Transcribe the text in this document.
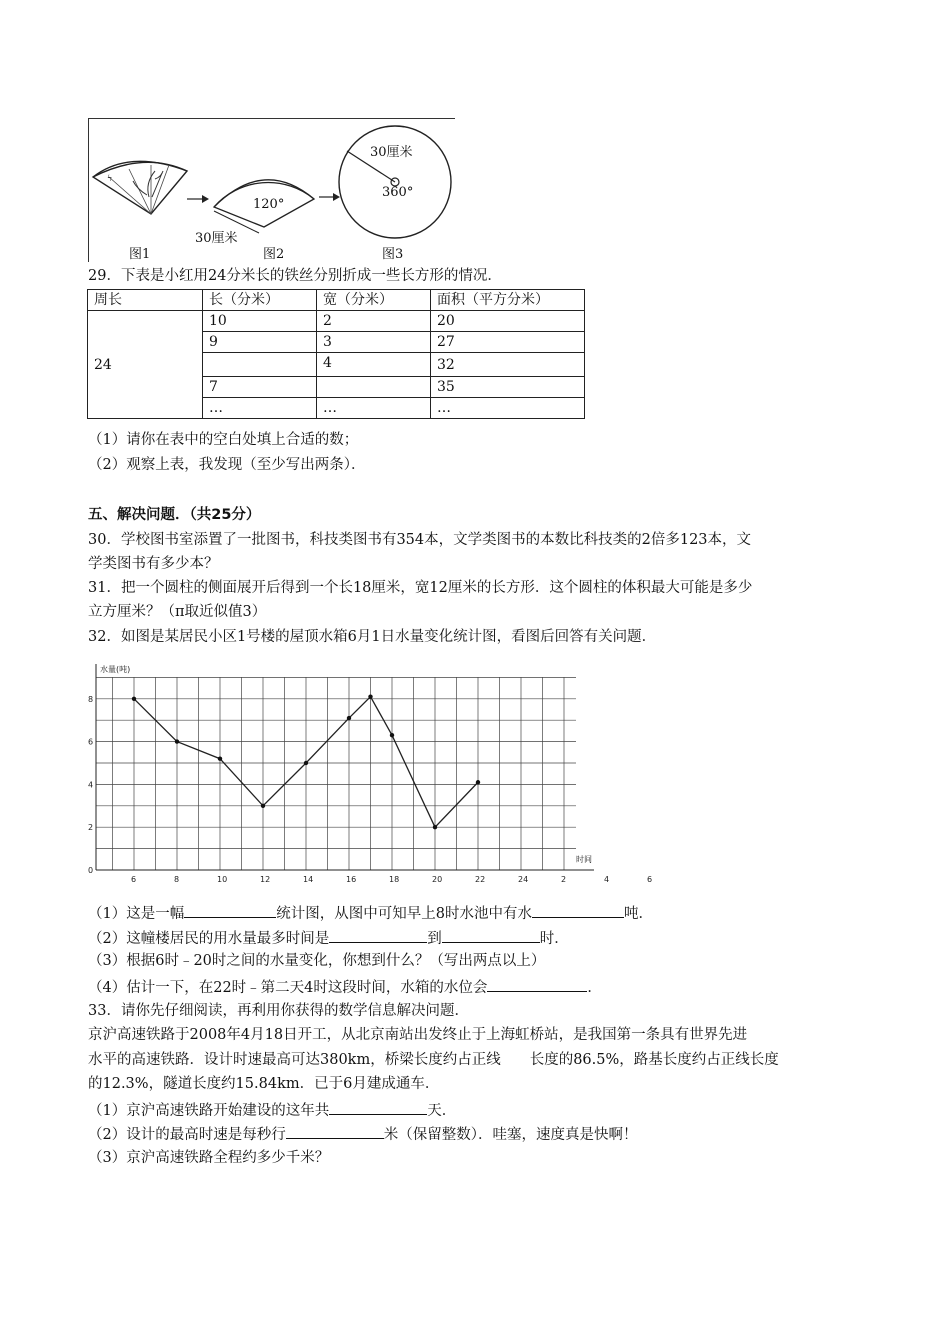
ϟ
120°
30厘米
30厘米
360°
图1	图2	图3
29．下表是小红用24分米长的铁丝分别折成一些长方形的情况．
周长	长（分米）	宽（分米）	面积（平方分米）
24	10	2	20
	9	3	27
		4	32
	7		35
	…	…	…
（1）请你在表中的空白处填上合适的数；
（2）观察上表，我发现（至少写出两条）．
五、解决问题．（共25分）
30．学校图书室添置了一批图书，科技类图书有354本，文学类图书的本数比科技类的2倍多123本，文
学类图书有多少本？
31．把一个圆柱的侧面展开后得到一个长18厘米，宽12厘米的长方形．这个圆柱的体积最大可能是多少
立方厘米？（π取近似值3）
32．如图是某居民小区1号楼的屋顶水箱6月1日水量变化统计图，看图后回答有关问题．
6	8	10	12	14	16	18	20	22	24	2	4	6
0
2
4
6
8
水量(吨)
时间
（1）这是一幅	统计图，从图中可知早上8时水池中有水	吨．
（2）这幢楼居民的用水量最多时间是	到	时．
（3）根据6时﹣20时之间的水量变化，你想到什么？（写出两点以上）
（4）估计一下，在22时﹣第二天4时这段时间，水箱的水位会	．
33．请你先仔细阅读，再利用你获得的数学信息解决问题．
京沪高速铁路于2008年4月18日开工，从北京南站出发终止于上海虹桥站，是我国第一条具有世界先进
水平的高速铁路．设计时速最高可达380km，桥梁长度约占正线　　长度的86.5%，路基长度约占正线长度
的12.3%，隧道长度约15.84km．已于6月建成通车．
（1）京沪高速铁路开始建设的这年共	天．
（2）设计的最高时速是每秒行	米（保留整数）．哇塞，速度真是快啊！
（3）京沪高速铁路全程约多少千米？
